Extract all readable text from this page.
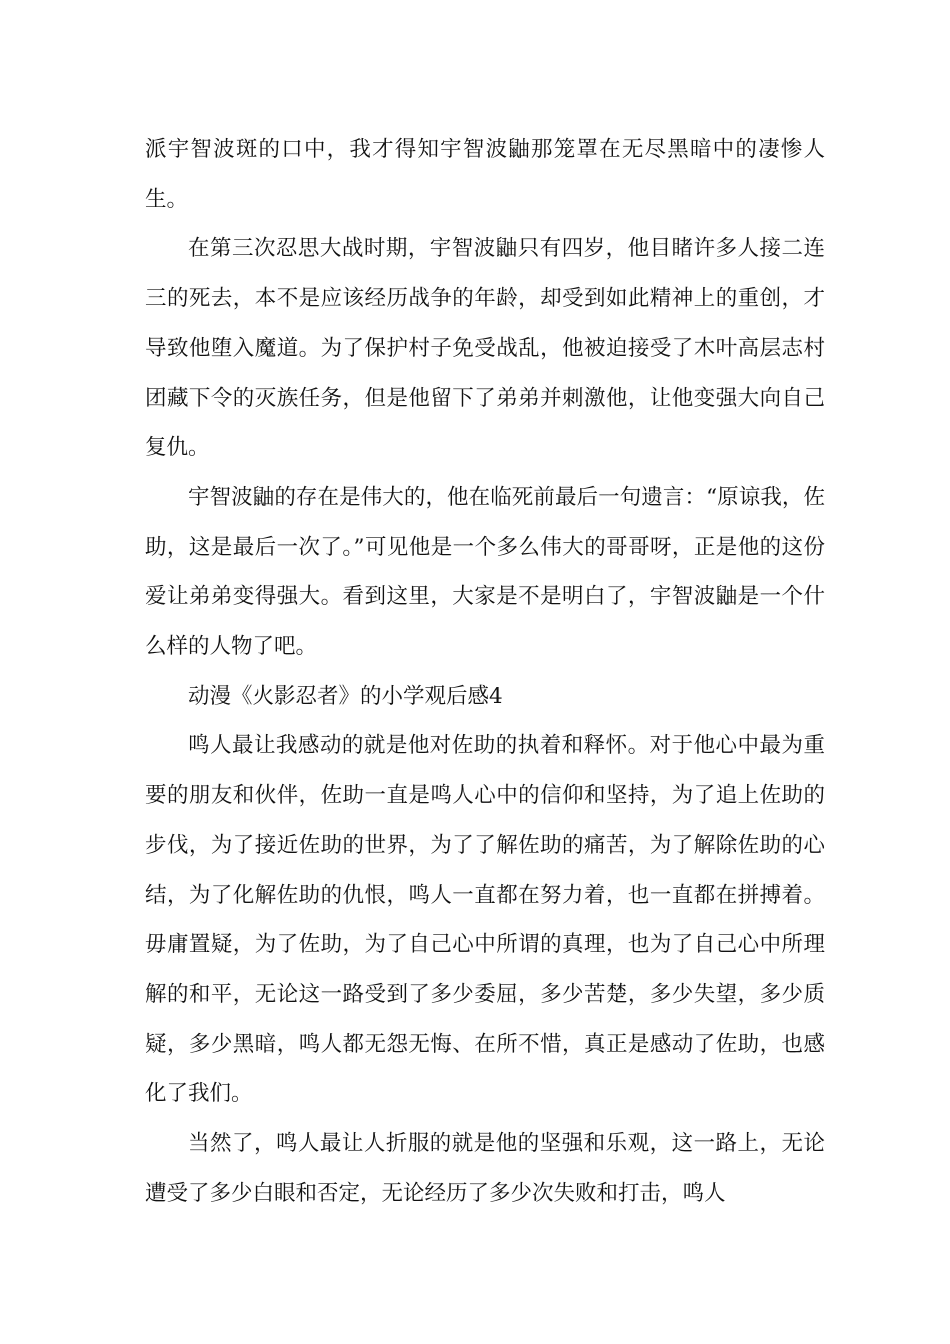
派宇智波斑的口中，我才得知宇智波鼬那笼罩在无尽黑暗中的凄惨人生。

在第三次忍思大战时期，宇智波鼬只有四岁，他目睹许多人接二连三的死去，本不是应该经历战争的年龄，却受到如此精神上的重创，才导致他堕入魔道。为了保护村子免受战乱，他被迫接受了木叶高层志村团藏下令的灭族任务，但是他留下了弟弟并刺激他，让他变强大向自己复仇。

宇智波鼬的存在是伟大的，他在临死前最后一句遗言：“原谅我，佐助，这是最后一次了。”可见他是一个多么伟大的哥哥呀，正是他的这份爱让弟弟变得强大。看到这里，大家是不是明白了，宇智波鼬是一个什么样的人物了吧。

动漫《火影忍者》的小学观后感4

鸣人最让我感动的就是他对佐助的执着和释怀。对于他心中最为重要的朋友和伙伴，佐助一直是鸣人心中的信仰和坚持，为了追上佐助的步伐，为了接近佐助的世界，为了了解佐助的痛苦，为了解除佐助的心结，为了化解佐助的仇恨，鸣人一直都在努力着，也一直都在拼搏着。毋庸置疑，为了佐助，为了自己心中所谓的真理，也为了自己心中所理解的和平，无论这一路受到了多少委屈，多少苦楚，多少失望，多少质疑，多少黑暗，鸣人都无怨无悔、在所不惜，真正是感动了佐助，也感化了我们。

当然了，鸣人最让人折服的就是他的坚强和乐观，这一路上，无论遭受了多少白眼和否定，无论经历了多少次失败和打击，鸣人
